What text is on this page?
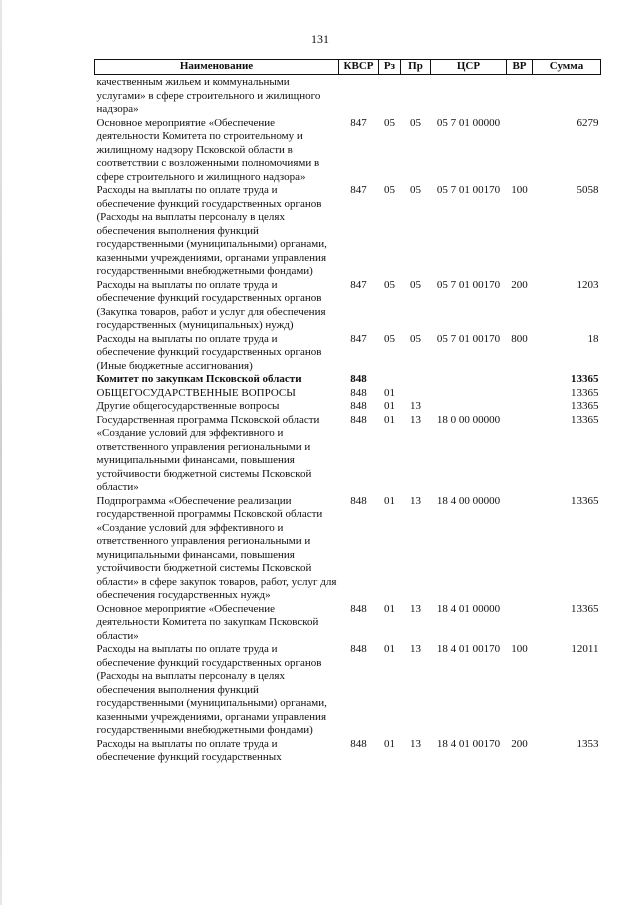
131
Наименование	КВСР	Рз	Пр	ЦСР	ВР	Сумма
качественным жильем и коммунальными услугами» в сфере строительного и жилищного надзора»						
Основное мероприятие «Обеспечение деятельности Комитета по строительному и жилищному надзору Псковской области в соответствии с возложенными полномочиями в сфере строительного и жилищного надзора»	847	05	05	05 7 01 00000		6279
Расходы на выплаты по оплате труда и обеспечение функций государственных органов (Расходы на выплаты персоналу в целях обеспечения выполнения функций государственными (муниципальными) органами, казенными учреждениями, органами управления государственными внебюджетными фондами)	847	05	05	05 7 01 00170	100	5058
Расходы на выплаты по оплате труда и обеспечение функций государственных органов (Закупка товаров, работ и услуг для обеспечения государственных (муниципальных) нужд)	847	05	05	05 7 01 00170	200	1203
Расходы на выплаты по оплате труда и обеспечение функций государственных органов (Иные бюджетные ассигнования)	847	05	05	05 7 01 00170	800	18
Комитет по закупкам Псковской области	848					13365
ОБЩЕГОСУДАРСТВЕННЫЕ ВОПРОСЫ	848	01				13365
Другие общегосударственные вопросы	848	01	13			13365
Государственная программа Псковской области «Создание условий для эффективного и ответственного управления региональными и муниципальными финансами, повышения устойчивости бюджетной системы Псковской области»	848	01	13	18 0 00 00000		13365
Подпрограмма «Обеспечение реализации государственной программы Псковской области «Создание условий для эффективного и ответственного управления региональными и муниципальными финансами, повышения устойчивости бюджетной системы Псковской области» в сфере закупок товаров, работ, услуг для обеспечения государственных нужд»	848	01	13	18 4 00 00000		13365
Основное мероприятие «Обеспечение деятельности Комитета по закупкам Псковской области»	848	01	13	18 4 01 00000		13365
Расходы на выплаты по оплате труда и обеспечение функций государственных органов (Расходы на выплаты персоналу в целях обеспечения выполнения функций государственными (муниципальными) органами, казенными учреждениями, органами управления государственными внебюджетными фондами)	848	01	13	18 4 01 00170	100	12011
Расходы на выплаты по оплате труда и обеспечение функций государственных	848	01	13	18 4 01 00170	200	1353
